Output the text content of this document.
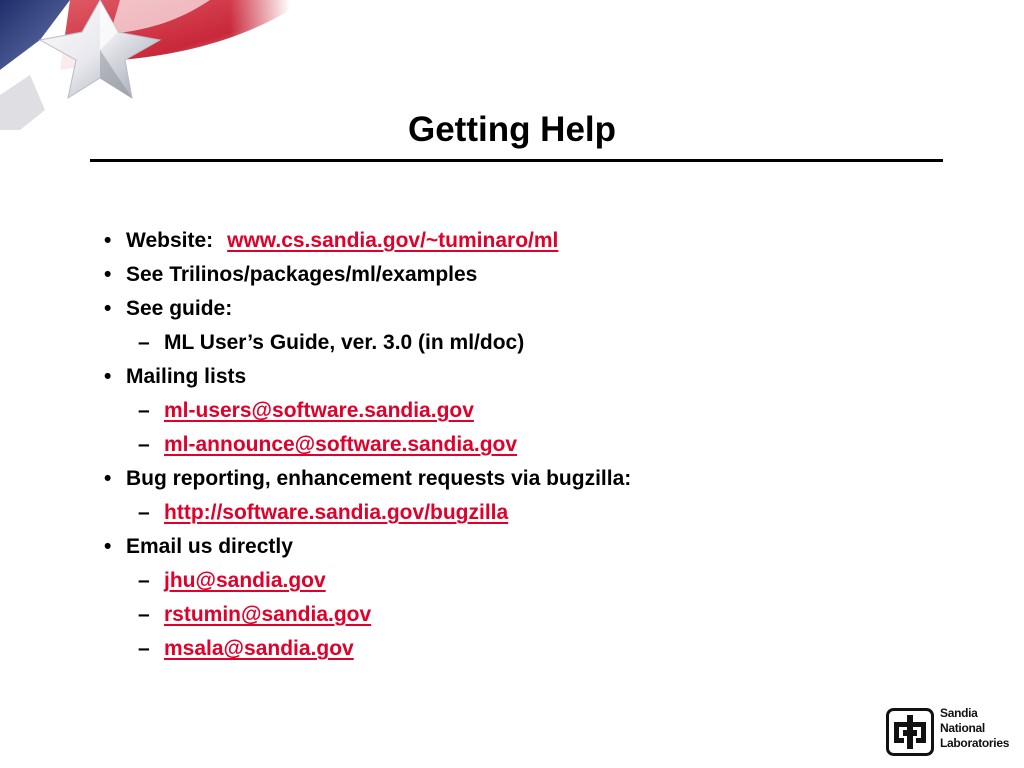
Getting Help
• Website: www.cs.sandia.gov/~tuminaro/ml
• See Trilinos/packages/ml/examples
• See guide:
– ML User’s Guide, ver. 3.0 (in ml/doc)
• Mailing lists
– ml-users@software.sandia.gov
– ml-announce@software.sandia.gov
• Bug reporting, enhancement requests via bugzilla:
– http://software.sandia.gov/bugzilla
• Email us directly
– jhu@sandia.gov
– rstumin@sandia.gov
– msala@sandia.gov
Sandia
National
Laboratories
